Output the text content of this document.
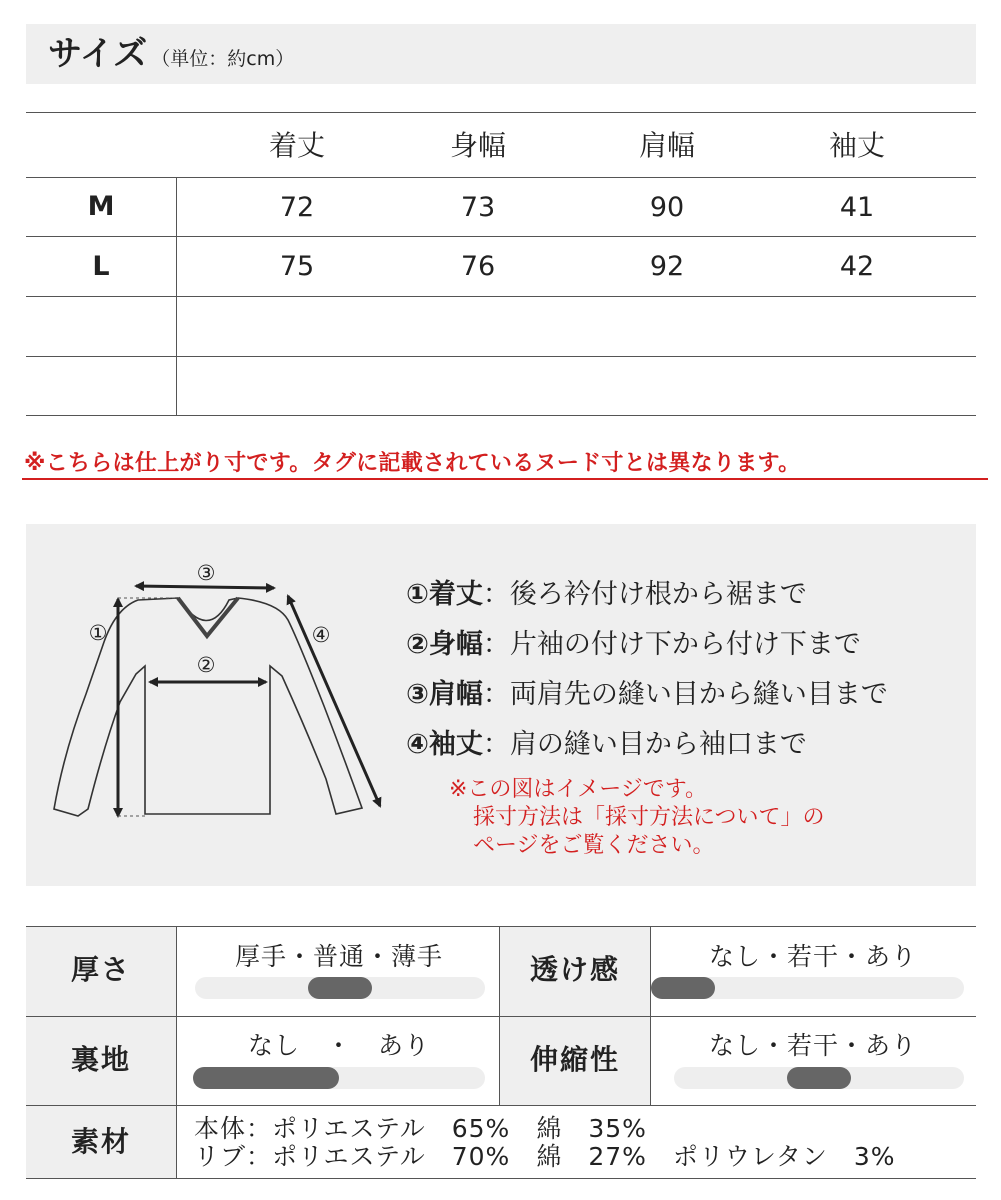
サイズ （単位：約cm）
着丈	身幅	肩幅	袖丈
M	72	73	90	41
L	75	76	92	42
※こちらは仕上がり寸です。タグに記載されているヌード寸とは異なります。
③
①
②
④
①着丈：後ろ衿付け根から裾まで
②身幅：片袖の付け下から付け下まで
③肩幅：両肩先の縫い目から縫い目まで
④袖丈：肩の縫い目から袖口まで
※この図はイメージです。
採寸方法は「採寸方法について」の
ページをご覧ください。
厚さ	厚手・普通・薄手	透け感	なし・若干・あり
裏地	なし　・　あり	伸縮性	なし・若干・あり
素材	本体：ポリエステル　65%　綿　35%
リブ：ポリエステル　70%　綿　27%　ポリウレタン　3%
